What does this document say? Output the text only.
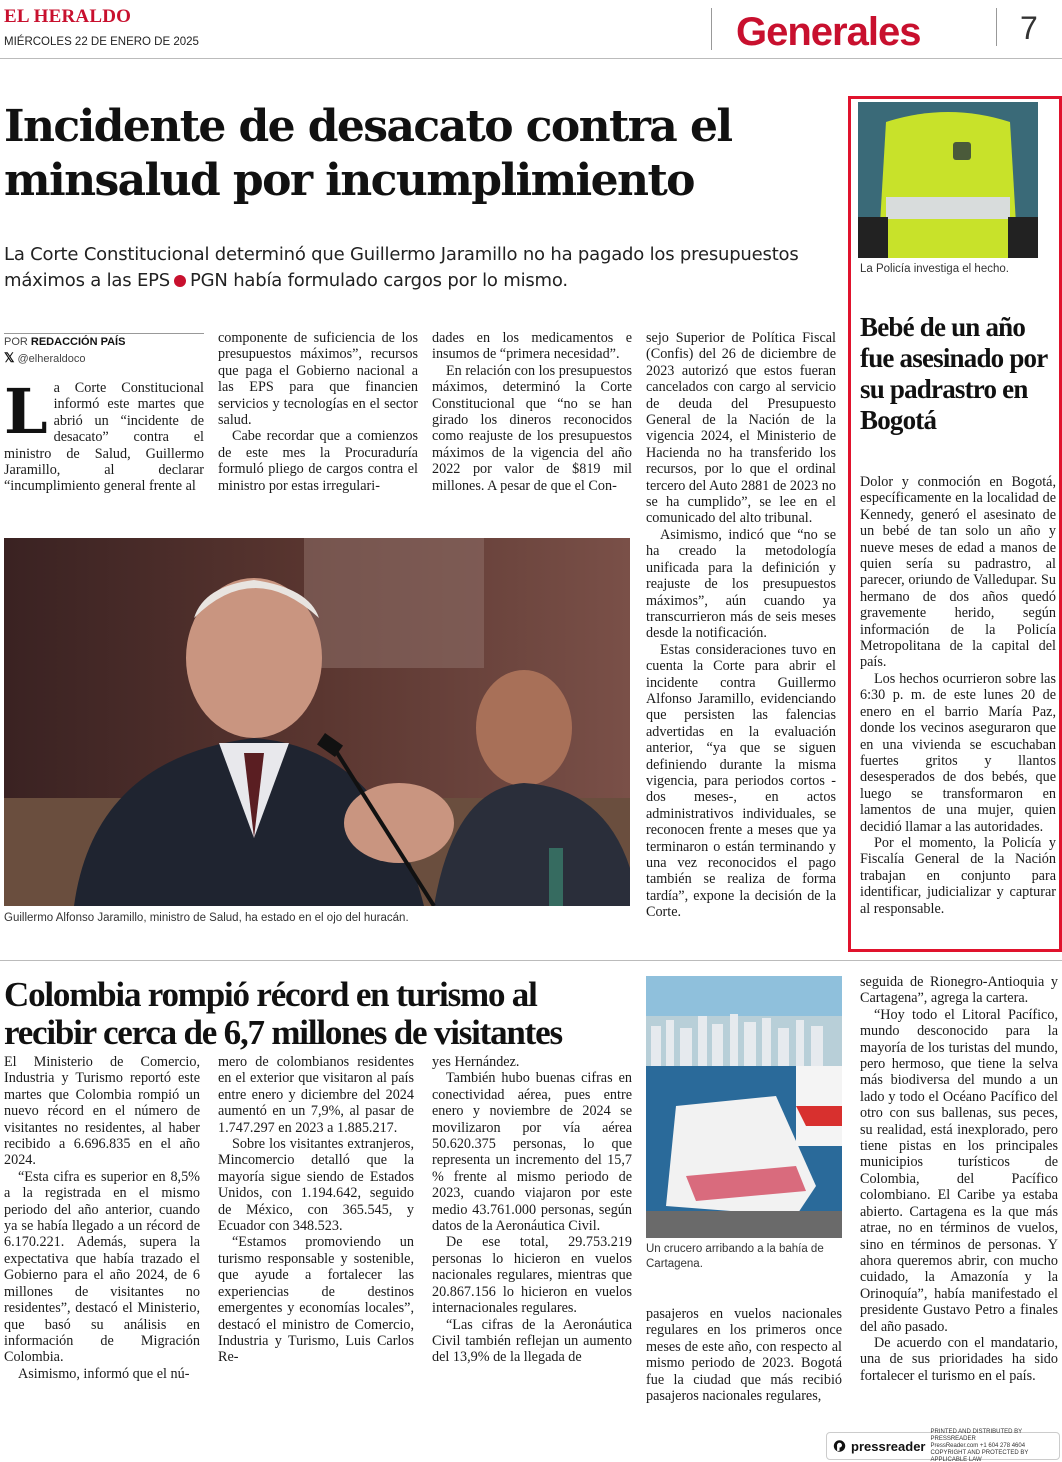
EL HERALDO
MIÉRCOLES 22 DE ENERO DE 2025	Generales	7
Incidente de desacato contra el minsalud por incumplimiento
La Corte Constitucional determinó que Guillermo Jaramillo no ha pagado los presupuestos máximos a las EPS PGN había formulado cargos por lo mismo.
POR REDACCIÓN PAÍS
𝕏 @elheraldoco

La Corte Constitucional informó este martes que abrió un “incidente de desacato” contra el ministro de Salud, Guillermo Jaramillo, al declarar “incumplimiento general frente al

componente de suficiencia de los presupuestos máximos”, recursos que paga el Gobierno nacional a las EPS para que financien servicios y tecnologías en el sector salud.

Cabe recordar que a comienzos de este mes la Procuraduría formuló pliego de cargos contra el ministro por estas irregulari-

dades en los medicamentos e insumos de “primera necesidad”.

En relación con los presupuestos máximos, determinó la Corte Constitucional que “no se han girado los dineros reconocidos como reajuste de los presupuestos máximos de la vigencia del año 2022 por valor de $819 mil millones. A pesar de que el Con-

sejo Superior de Política Fiscal (Confis) del 26 de diciembre de 2023 autorizó que estos fueran cancelados con cargo al servicio de deuda del Presupuesto General de la Nación de la vigencia 2024, el Ministerio de Hacienda no ha transferido los recursos, por lo que el ordinal tercero del Auto 2881 de 2023 no se ha cumplido”, se lee en el comunicado del alto tribunal.

Asimismo, indicó que “no se ha creado la metodología unificada para la definición y reajuste de los presupuestos máximos”, aún cuando ya transcurrieron más de seis meses desde la notificación.

Estas consideraciones tuvo en cuenta la Corte para abrir el incidente contra Guillermo Alfonso Jaramillo, evidenciando que persisten las falencias advertidas en la evaluación anterior, “ya que se siguen definiendo durante la misma vigencia, para periodos cortos -dos meses-, en actos administrativos individuales, se reconocen frente a meses que ya terminaron o están terminando y una vez reconocidos el pago también se realiza de forma tardía”, expone la decisión de la Corte.

Guillermo Alfonso Jaramillo, ministro de Salud, ha estado en el ojo del huracán.
La Policía investiga el hecho.
Bebé de un año fue asesinado por su padrastro en Bogotá

Dolor y conmoción en Bogotá, específicamente en la localidad de Kennedy, generó el asesinato de un bebé de tan solo un año y nueve meses de edad a manos de quien sería su padrastro, al parecer, oriundo de Valledupar. Su hermano de dos años quedó gravemente herido, según información de la Policía Metropolitana de la capital del país.

Los hechos ocurrieron sobre las 6:30 p. m. de este lunes 20 de enero en el barrio María Paz, donde los vecinos aseguraron que en una vivienda se escuchaban fuertes gritos y llantos desesperados de dos bebés, que luego se transformaron en lamentos de una mujer, quien decidió llamar a las autoridades.

Por el momento, la Policía y Fiscalía General de la Nación trabajan en conjunto para identificar, judicializar y capturar al responsable.

Colombia rompió récord en turismo al recibir cerca de 6,7 millones de visitantes

El Ministerio de Comercio, Industria y Turismo reportó este martes que Colombia rompió un nuevo récord en el número de visitantes no residentes, al haber recibido a 6.696.835 en el año 2024.

“Esta cifra es superior en 8,5% a la registrada en el mismo periodo del año anterior, cuando ya se había llegado a un récord de 6.170.221. Además, supera la expectativa que había trazado el Gobierno para el año 2024, de 6 millones de visitantes no residentes”, destacó el Ministerio, que basó su análisis en información de Migración Colombia.

Asimismo, informó que el nú-

mero de colombianos residentes en el exterior que visitaron al país entre enero y diciembre del 2024 aumentó en un 7,9%, al pasar de 1.747.297 en 2023 a 1.885.217.

Sobre los visitantes extranjeros, Mincomercio detalló que la mayoría sigue siendo de Estados Unidos, con 1.194.642, seguido de México, con 365.545, y Ecuador con 348.523.

“Estamos promoviendo un turismo responsable y sostenible, que ayude a fortalecer las experiencias de destinos emergentes y economías locales”, destacó el ministro de Comercio, Industria y Turismo, Luis Carlos Re-

yes Hernández.

También hubo buenas cifras en conectividad aérea, pues entre enero y noviembre de 2024 se movilizaron por vía aérea 50.620.375 personas, lo que representa un incremento del 15,7 % frente al mismo periodo de 2023, cuando viajaron por este medio 43.761.000 personas, según datos de la Aeronáutica Civil.

De ese total, 29.753.219 personas lo hicieron en vuelos nacionales regulares, mientras que 20.867.156 lo hicieron en vuelos internacionales regulares.

“Las cifras de la Aeronáutica Civil también reflejan un aumento del 13,9% de la llegada de

Un crucero arribando a la bahía de Cartagena.

pasajeros en vuelos nacionales regulares en los primeros once meses de este año, con respecto al mismo periodo de 2023. Bogotá fue la ciudad que más recibió pasajeros nacionales regulares,

seguida de Rionegro-Antioquia y Cartagena”, agrega la cartera.

“Hoy todo el Litoral Pacífico, mundo desconocido para la mayoría de los turistas del mundo, pero hermoso, que tiene la selva más biodiversa del mundo a un lado y todo el Océano Pacífico del otro con sus ballenas, sus peces, su realidad, está inexplorado, pero tiene pistas en los principales municipios turísticos de Colombia, del Pacífico colombiano. El Caribe ya estaba abierto. Cartagena es la que más atrae, no en términos de vuelos, sino en términos de personas. Y ahora queremos abrir, con mucho cuidado, la Amazonía y la Orinoquía”, había manifestado el presidente Gustavo Petro a finales del año pasado.

De acuerdo con el mandatario, una de sus prioridades ha sido fortalecer el turismo en el país.

pressreader
PRINTED AND DISTRIBUTED BY PRESSREADER
PressReader.com +1 604 278 4604
COPYRIGHT AND PROTECTED BY APPLICABLE LAW
